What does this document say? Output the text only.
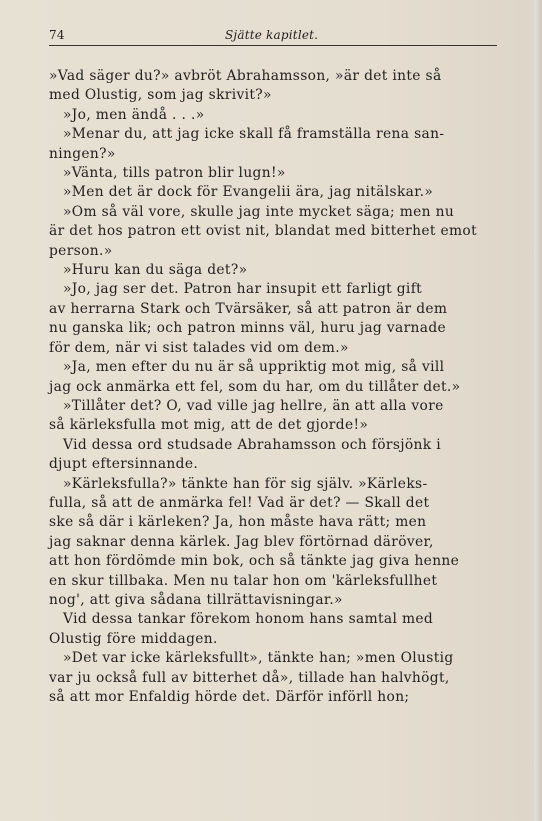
74	Sjätte kapitlet.
»Vad säger du?» avbröt Abrahamsson, »är det inte så
med Olustig, som jag skrivit?»
»Jo, men ändå . . .»
»Menar du, att jag icke skall få framställa rena san-
ningen?»
»Vänta, tills patron blir lugn!»
»Men det är dock för Evangelii ära, jag nitälskar.»
»Om så väl vore, skulle jag inte mycket säga; men nu
är det hos patron ett ovist nit, blandat med bitterhet emot
person.»
»Huru kan du säga det?»
»Jo, jag ser det. Patron har insupit ett farligt gift
av herrarna Stark och Tvärsäker, så att patron är dem
nu ganska lik; och patron minns väl, huru jag varnade
för dem, när vi sist talades vid om dem.»
»Ja, men efter du nu är så uppriktig mot mig, så vill
jag ock anmärka ett fel, som du har, om du tillåter det.»
»Tillåter det? O, vad ville jag hellre, än att alla vore
så kärleksfulla mot mig, att de det gjorde!»
Vid dessa ord studsade Abrahamsson och försjönk i
djupt eftersinnande.
»Kärleksfulla?» tänkte han för sig själv. »Kärleks-
fulla, så att de anmärka fel! Vad är det? — Skall det
ske så där i kärleken? Ja, hon måste hava rätt; men
jag saknar denna kärlek. Jag blev förtörnad däröver,
att hon fördömde min bok, och så tänkte jag giva henne
en skur tillbaka. Men nu talar hon om 'kärleksfullhet
nog', att giva sådana tillrättavisningar.»
Vid dessa tankar förekom honom hans samtal med
Olustig före middagen.
»Det var icke kärleksfullt», tänkte han; »men Olustig
var ju också full av bitterhet då», tillade han halvhögt,
så att mor Enfaldig hörde det. Därför införll hon;
